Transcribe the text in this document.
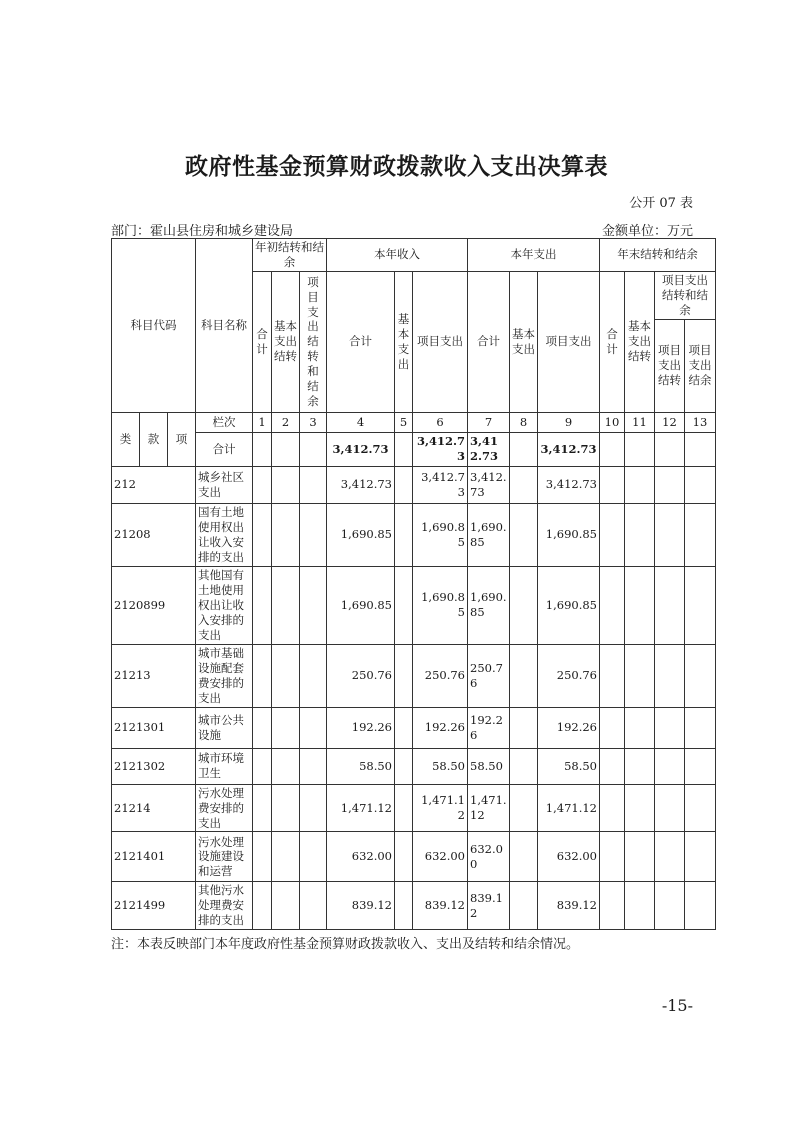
政府性基金预算财政拨款收入支出决算表
公开 07 表
部门：霍山县住房和城乡建设局	金额单位：万元
科目代码			科目名称	年初结转和结余			本年收入			本年支出			年末结转和结余			
				合计	基本支出结转	项目支出结转和结余	合计	基本支出	项目支出	合计	基本支出	项目支出	合计	基本支出结转	项目支出结转和结余	
															项目支出结转	项目支出结余
类	款	项	栏次	1	2	3	4	5	6	7	8	9	10	11	12	13
			合计				3,412.73		3,412.73	3,412.73		3,412.73				
212			城乡社区支出				3,412.73		3,412.73	3,412.73		3,412.73				
21208			国有土地使用权出让收入安排的支出				1,690.85		1,690.85	1,690.85		1,690.85				
2120899			其他国有土地使用权出让收入安排的支出				1,690.85		1,690.85	1,690.85		1,690.85				
21213			城市基础设施配套费安排的支出				250.76		250.76	250.76		250.76				
2121301			城市公共设施				192.26		192.26	192.26		192.26				
2121302			城市环境卫生				58.50		58.50	58.50		58.50				
21214			污水处理费安排的支出				1,471.12		1,471.12	1,471.12		1,471.12				
2121401			污水处理设施建设和运营				632.00		632.00	632.00		632.00				
2121499			其他污水处理费安排的支出				839.12		839.12	839.12		839.12				
注：本表反映部门本年度政府性基金预算财政拨款收入、支出及结转和结余情况。
-15-
